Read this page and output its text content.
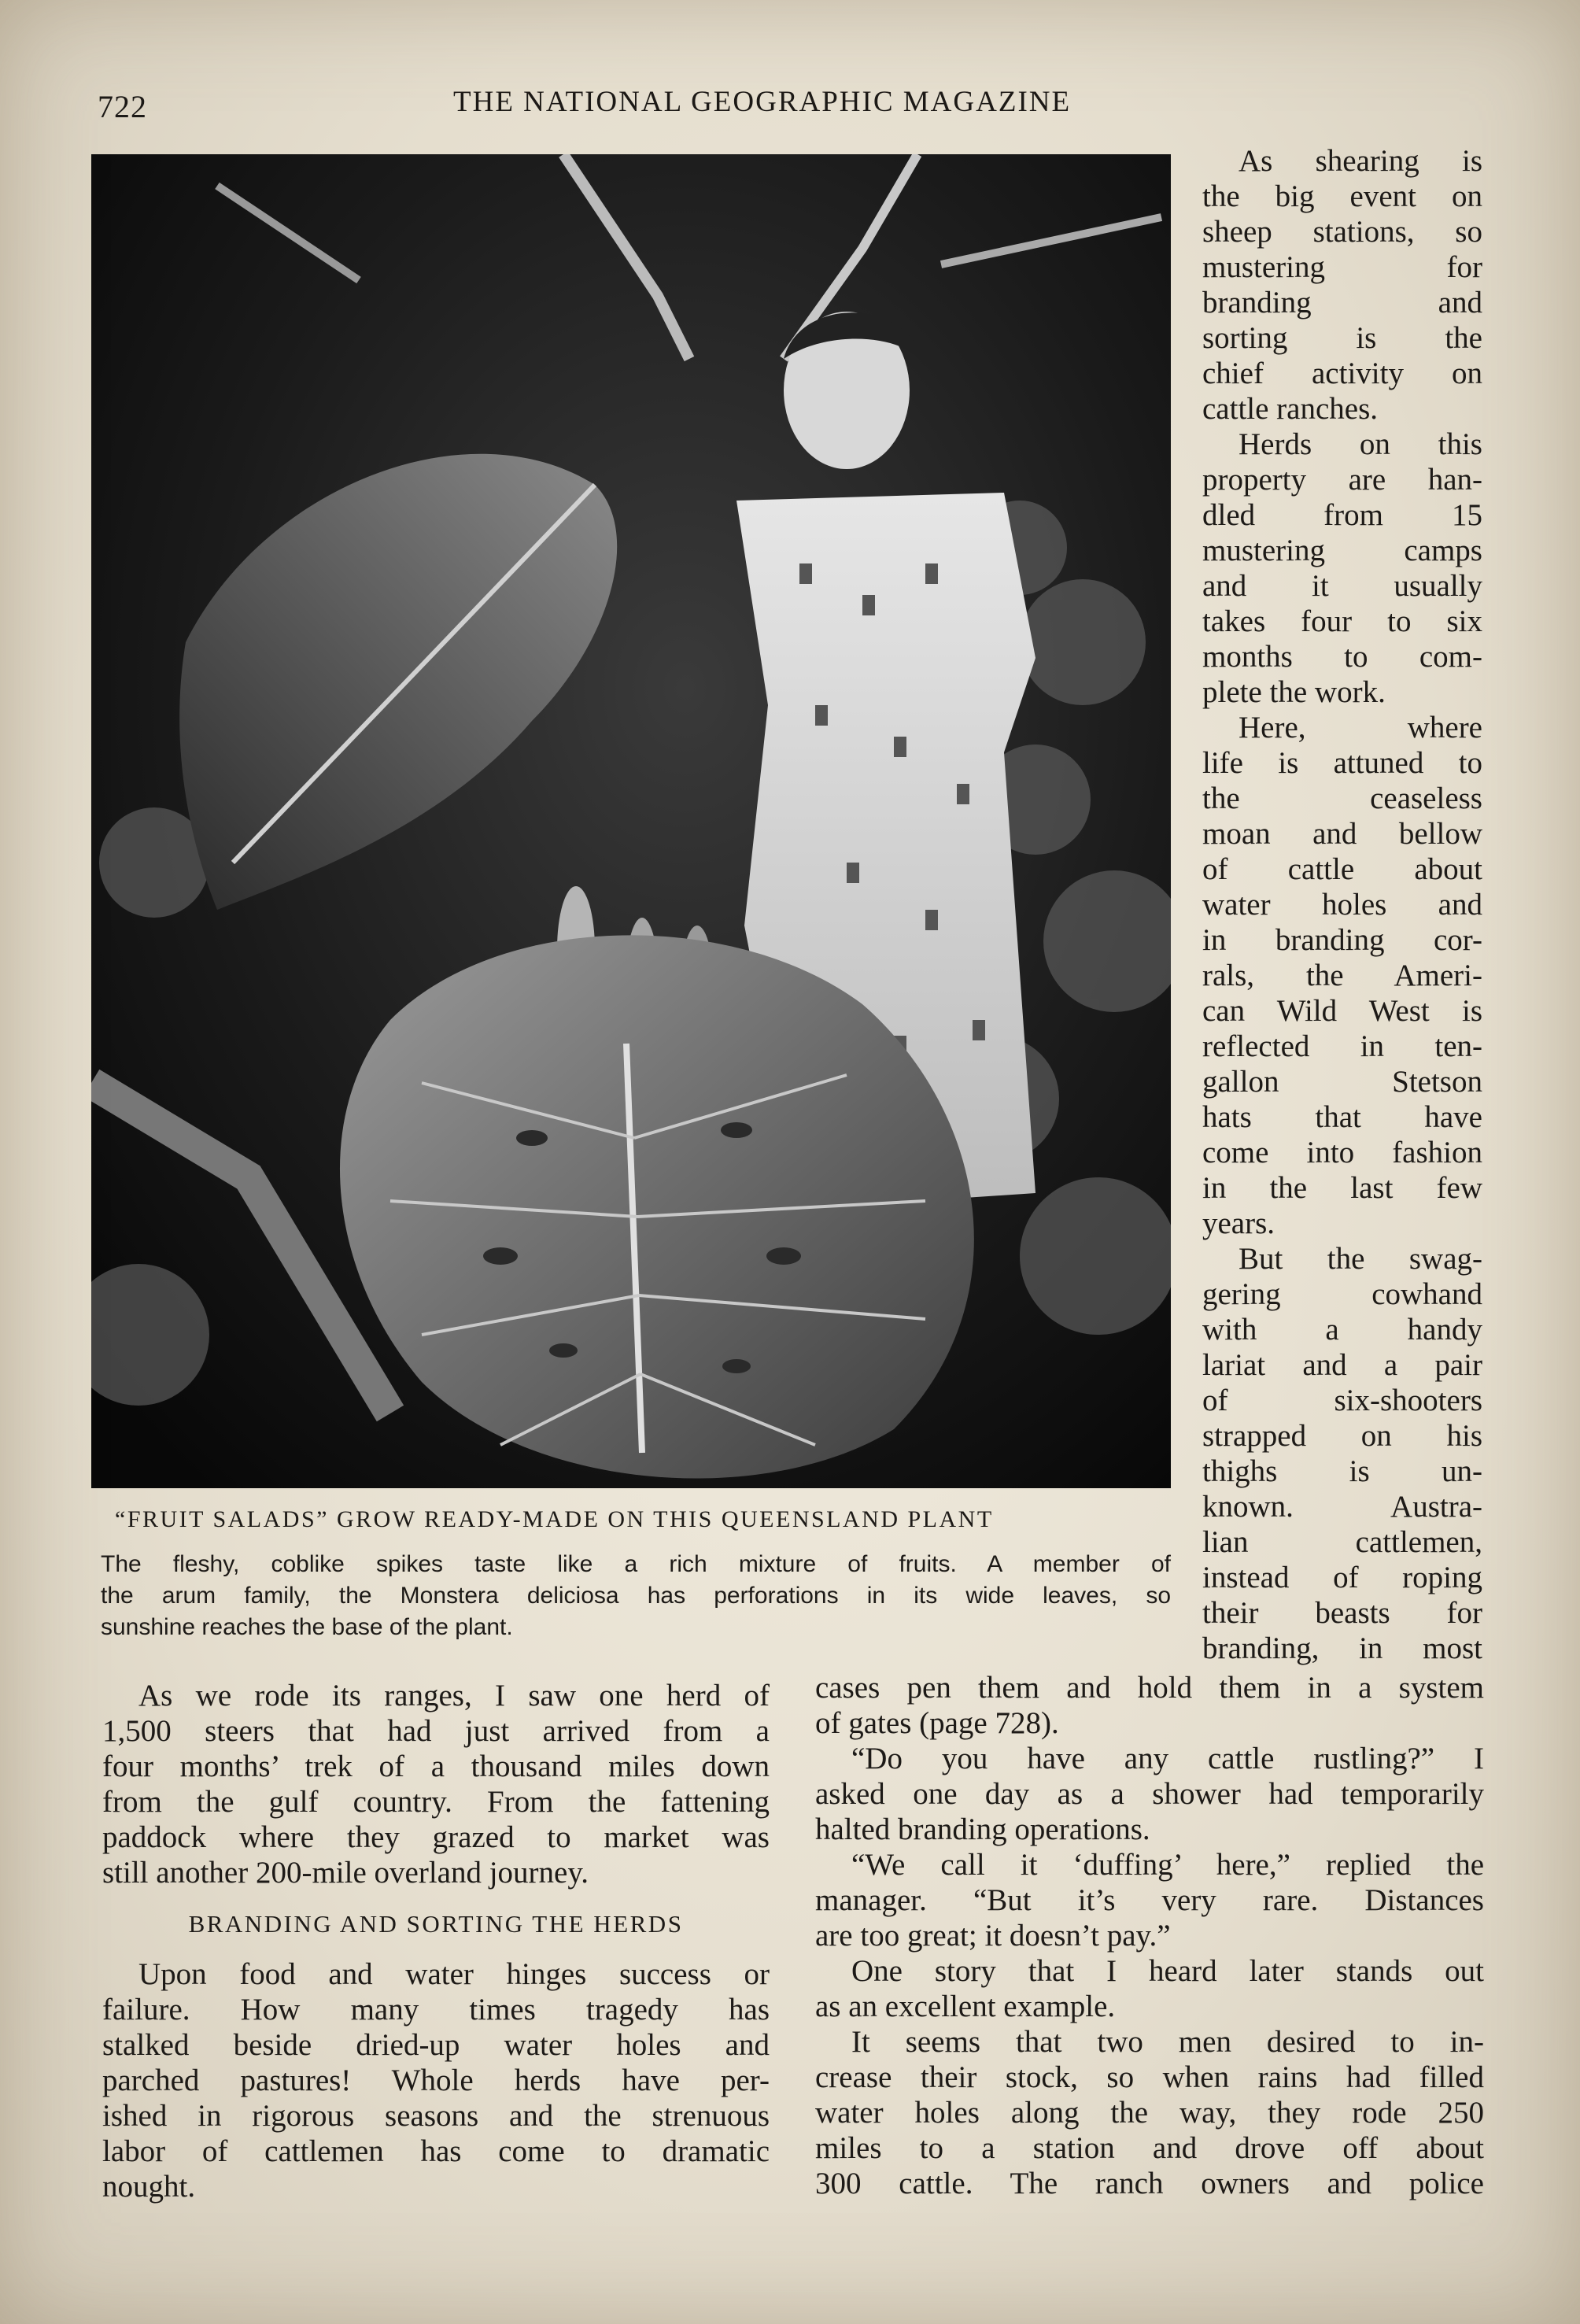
722	THE NATIONAL GEOGRAPHIC MAGAZINE
“FRUIT SALADS” GROW READY-MADE ON THIS QUEENSLAND PLANT
The fleshy, coblike spikes taste like a rich mixture of fruits. A member of
the arum family, the Monstera deliciosa has perforations in its wide leaves, so
sunshine reaches the base of the plant.
As shearing is
the big event on
sheep stations, so
mustering for
branding and
sorting is the
chief activity on
cattle ranches.
Herds on this
property are han-
dled from 15
mustering camps
and it usually
takes four to six
months to com-
plete the work.
Here, where
life is attuned to
the ceaseless
moan and bellow
of cattle about
water holes and
in branding cor-
rals, the Ameri-
can Wild West is
reflected in ten-
gallon Stetson
hats that have
come into fashion
in the last few
years.
But the swag-
gering cowhand
with a handy
lariat and a pair
of six-shooters
strapped on his
thighs is un-
known. Austra-
lian cattlemen,
instead of roping
their beasts for
branding, in most
As we rode its ranges, I saw one herd of
1,500 steers that had just arrived from a
four months’ trek of a thousand miles down
from the gulf country. From the fattening
paddock where they grazed to market was
still another 200-mile overland journey.
BRANDING AND SORTING THE HERDS
Upon food and water hinges success or
failure. How many times tragedy has
stalked beside dried-up water holes and
parched pastures! Whole herds have per-
ished in rigorous seasons and the strenuous
labor of cattlemen has come to dramatic
nought.
cases pen them and hold them in a system
of gates (page 728).
“Do you have any cattle rustling?” I
asked one day as a shower had temporarily
halted branding operations.
“We call it ‘duffing’ here,” replied the
manager. “But it’s very rare. Distances
are too great; it doesn’t pay.”
One story that I heard later stands out
as an excellent example.
It seems that two men desired to in-
crease their stock, so when rains had filled
water holes along the way, they rode 250
miles to a station and drove off about
300 cattle. The ranch owners and police
